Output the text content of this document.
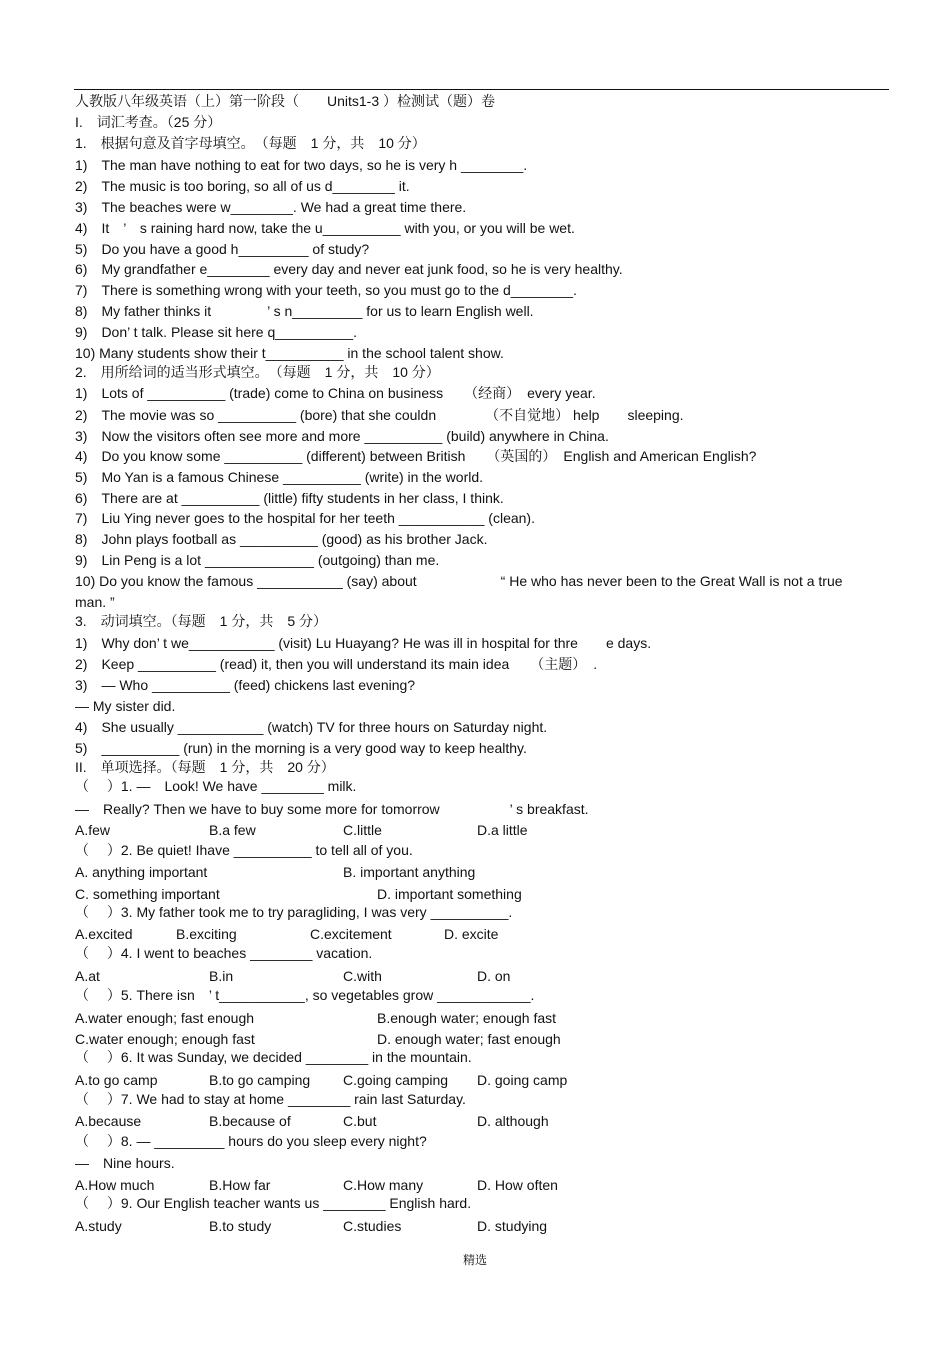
人教版八年级英语（上）第一阶段（　　Units1-3 ）检测试（题）卷
I.　词汇考查。（25 分）
1.　根据句意及首字母填空。　（每题　1 分，共　10 分）
1)　The man have nothing to eat for two days, so he is very h ________.
2)　The music is too boring, so all of us d________ it.
3)　The beaches were w________. We had a great time there.
4)　It　’　s raining hard now, take the u__________ with you, or you will be wet.
5)　Do you have a good h_________ of study?
6)　My grandfather e________ every day and never eat junk food, so he is very healthy.
7)　There is something wrong with your teeth, so you must go to the d________.
8)　My father thinks it　　　　’ s n_________ for us to learn English well.
9)　Don’ t talk. Please sit here q__________.
10) Many students show their t__________ in the school talent show.
2.　用所给词的适当形式填空。　（每题　1 分，共　10 分）
1)　Lots of __________ (trade) come to China on business　　（经商）　every year.
2)　The movie was so __________ (bore) that she couldn　　　　（不自觉地） help　　sleeping.
3)　Now the visitors often see more and more __________ (build) anywhere in China.
4)　Do you know some __________ (different) between British　　（英国的）　English and American English?
5)　Mo Yan is a famous Chinese __________ (write) in the world.
6)　There are at __________ (little) fifty students in her class, I think.
7)　Liu Ying never goes to the hospital for her teeth ___________ (clean).
8)　John plays football as __________ (good) as his brother Jack.
9)　Lin Peng is a lot ______________ (outgoing) than me.
10) Do you know the famous ___________ (say) about　　　　　　“ He who has never been to the Great Wall is not a true
man. ”
3.　动词填空。（每题　1 分，共　5 分）
1)　Why don’ t we___________ (visit) Lu Huayang? He was ill in hospital for thre　　e days.
2)　Keep __________ (read) it, then you will understand its main idea　　（主题）　.
3)　— Who __________ (feed) chickens last evening?
— My sister did.
4)　She usually ___________ (watch) TV for three hours on Saturday night.
5)　__________ (run) in the morning is a very good way to keep healthy.
II.　单项选择。（每题　1 分，共　20 分）
（　 ）1. —　Look! We have ________ milk.
—　Really? Then we have to buy some more for tomorrow　　　　　’ s breakfast.
A.few	B.a few	C.little	D.a little
（　 ）2. Be quiet! Ihave __________ to tell all of you.
A. anything important	B. important anything
C. something important	D. important something
（　 ）3. My father took me to try paragliding, I was very __________.
A.excited	B.exciting	C.excitement	D. excite
（　 ）4. I went to beaches ________ vacation.
A.at	B.in	C.with	D. on
（　 ）5. There isn　’ t___________, so vegetables grow ____________.
A.water enough; fast enough	B.enough water; enough fast
C.water enough; enough fast	D. enough water; fast enough
（　 ）6. It was Sunday, we decided ________ in the mountain.
A.to go camp	B.to go camping C.going camping D. going camp
（　 ）7. We had to stay at home ________ rain last Saturday.
A.because	B.because of	C.but	D. although
（　 ）8. — _________ hours do you sleep every night?
—　Nine hours.
A.How much	B.How far	C.How many	D. How often
（　 ）9. Our English teacher wants us ________ English hard.
A.study	B.to study	C.studies	D. studying
精选
